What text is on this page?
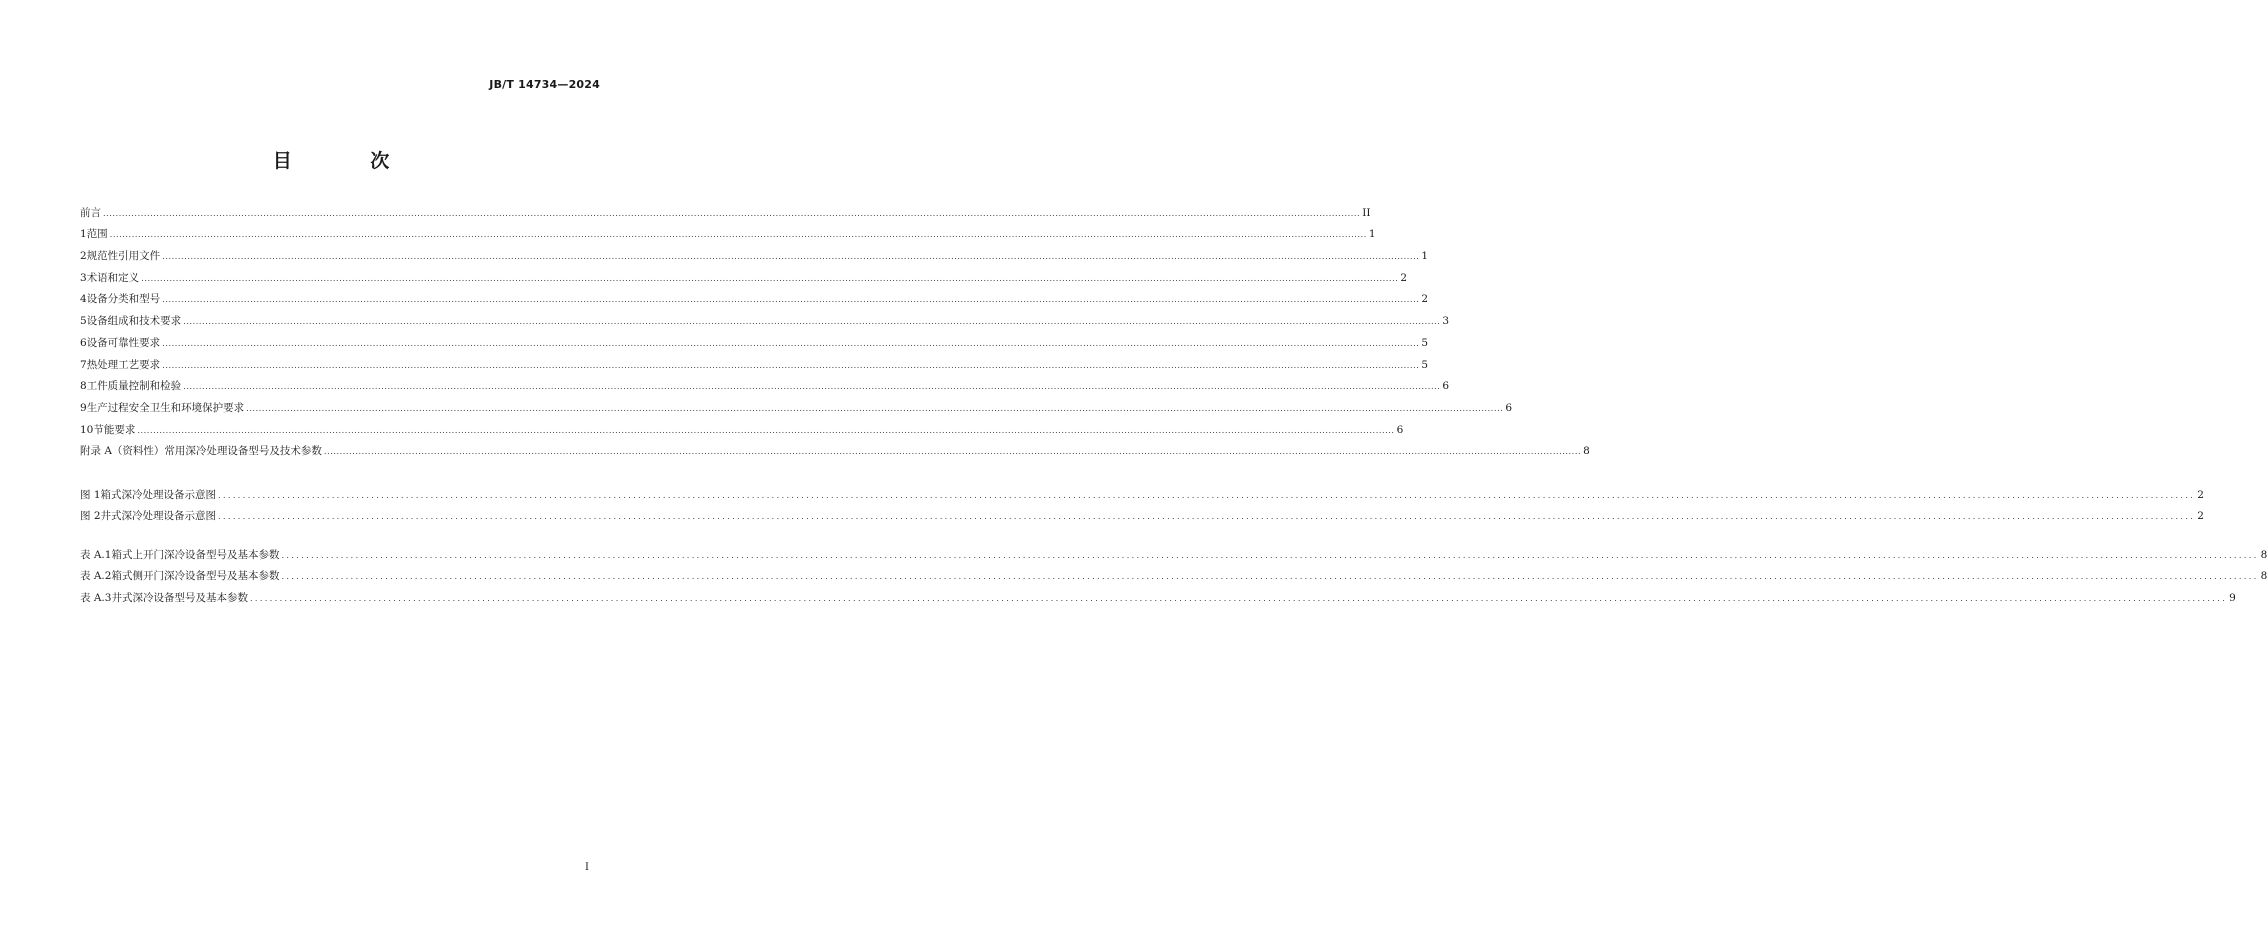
JB/T 14734—2024
目 次
前言 ................................................................................................................................................................................................................................................................................................................................................................................................................ II
1 范围 ................................................................................................................................................................................................................................................................................................................................................................................................................ 1
2 规范性引用文件 ................................................................................................................................................................................................................................................................................................................................................................................................................ 1
3 术语和定义 ................................................................................................................................................................................................................................................................................................................................................................................................................ 2
4 设备分类和型号 ................................................................................................................................................................................................................................................................................................................................................................................................................ 2
5 设备组成和技术要求 ................................................................................................................................................................................................................................................................................................................................................................................................................ 3
6 设备可靠性要求 ................................................................................................................................................................................................................................................................................................................................................................................................................ 5
7 热处理工艺要求 ................................................................................................................................................................................................................................................................................................................................................................................................................ 5
8 工件质量控制和检验 ................................................................................................................................................................................................................................................................................................................................................................................................................ 6
9 生产过程安全卫生和环境保护要求 ................................................................................................................................................................................................................................................................................................................................................................................................................ 6
10 节能要求 ................................................................................................................................................................................................................................................................................................................................................................................................................ 6
附录 A（资料性） 常用深冷处理设备型号及技术参数 ................................................................................................................................................................................................................................................................................................................................................................................................................ 8
图 1 箱式深冷处理设备示意图 ................................................................................................................................................................................................................................................................................................................................................................................................................ 2
图 2 井式深冷处理设备示意图 ................................................................................................................................................................................................................................................................................................................................................................................................................ 2
表 A.1 箱式上开门深冷设备型号及基本参数 ................................................................................................................................................................................................................................................................................................................................................................................................................ 8
表 A.2 箱式侧开门深冷设备型号及基本参数 ................................................................................................................................................................................................................................................................................................................................................................................................................ 8
表 A.3 井式深冷设备型号及基本参数 ................................................................................................................................................................................................................................................................................................................................................................................................................ 9
I
